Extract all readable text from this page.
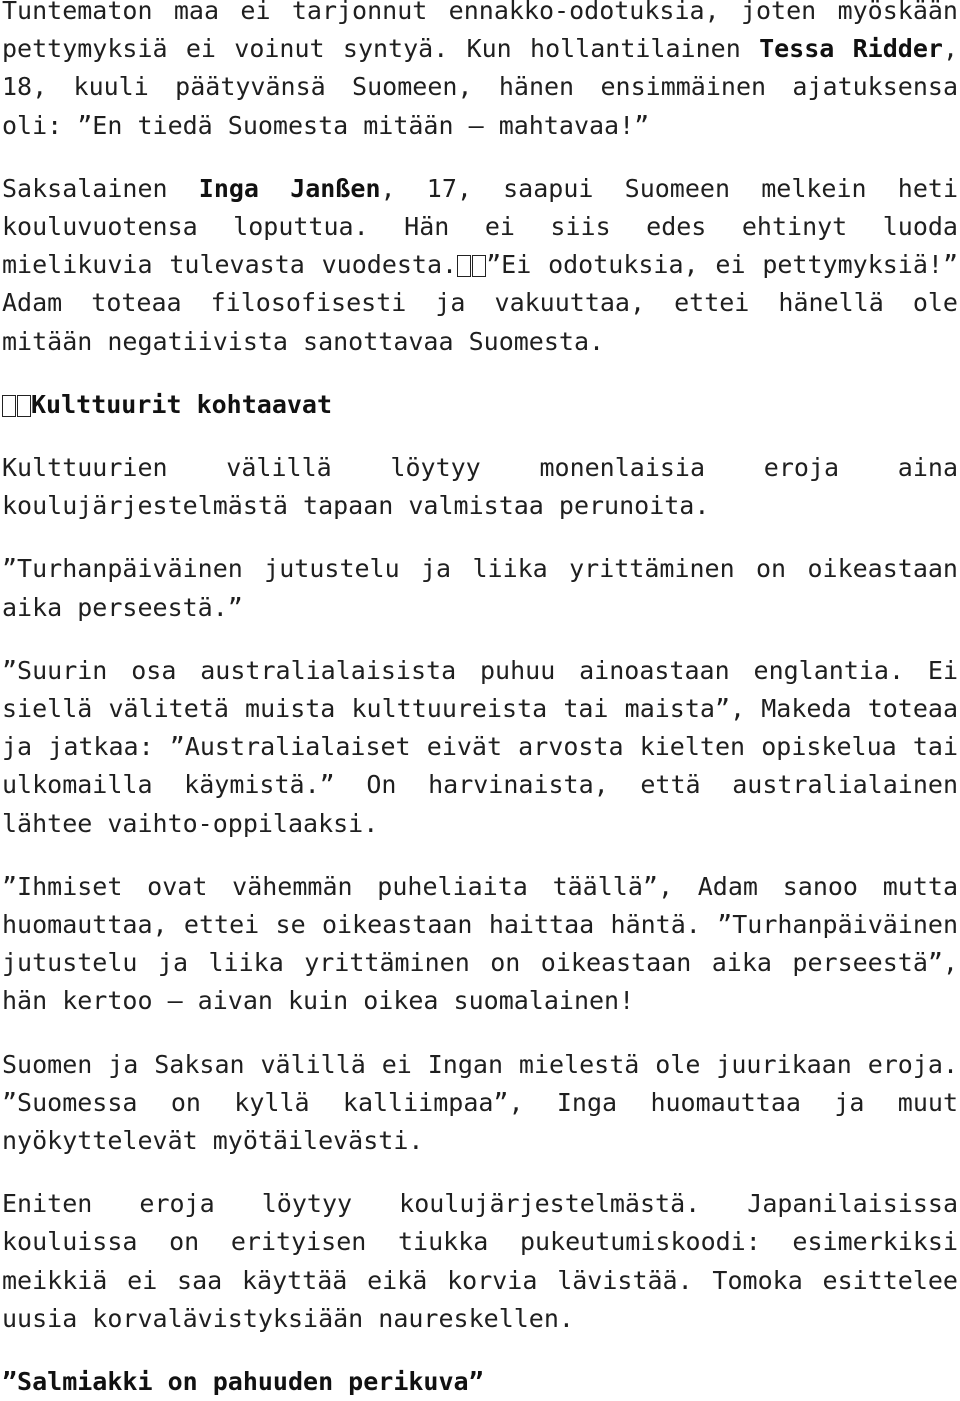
Tuntematon maa ei tarjonnut ennakko-odotuksia, joten myöskään pettymyksiä ei voinut syntyä. Kun hollantilainen Tessa Ridder, 18, kuuli päätyvänsä Suomeen, hänen ensimmäinen ajatuksensa oli: ”En tiedä Suomesta mitään – mahtavaa!”

Saksalainen Inga Janßen, 17, saapui Suomeen melkein heti kouluvuotensa loputtua. Hän ei siis edes ehtinyt luoda mielikuvia tulevasta vuodesta. ”Ei odotuksia, ei pettymyksiä!” Adam toteaa filosofisesti ja vakuuttaa, ettei hänellä ole mitään negatiivista sanottavaa Suomesta.

Kulttuurit kohtaavat

Kulttuurien välillä löytyy monenlaisia eroja aina koulujärjestelmästä tapaan valmistaa perunoita.

”Turhanpäiväinen jutustelu ja liika yrittäminen on oikeastaan aika perseestä.”

”Suurin osa australialaisista puhuu ainoastaan englantia. Ei siellä välitetä muista kulttuureista tai maista”, Makeda toteaa ja jatkaa: ”Australialaiset eivät arvosta kielten opiskelua tai ulkomailla käymistä.” On harvinaista, että australialainen lähtee vaihto-oppilaaksi.

”Ihmiset ovat vähemmän puheliaita täällä”, Adam sanoo mutta huomauttaa, ettei se oikeastaan haittaa häntä. ”Turhanpäiväinen jutustelu ja liika yrittäminen on oikeastaan aika perseestä”, hän kertoo – aivan kuin oikea suomalainen!

Suomen ja Saksan välillä ei Ingan mielestä ole juurikaan eroja. ”Suomessa on kyllä kalliimpaa”, Inga huomauttaa ja muut nyökyttelevät myötäilevästi.

Eniten eroja löytyy koulujärjestelmästä. Japanilaisissa kouluissa on erityisen tiukka pukeutumiskoodi: esimerkiksi meikkiä ei saa käyttää eikä korvia lävistää. Tomoka esittelee uusia korvalävistyksiään naureskellen.

”Salmiakki on pahuuden perikuva”
